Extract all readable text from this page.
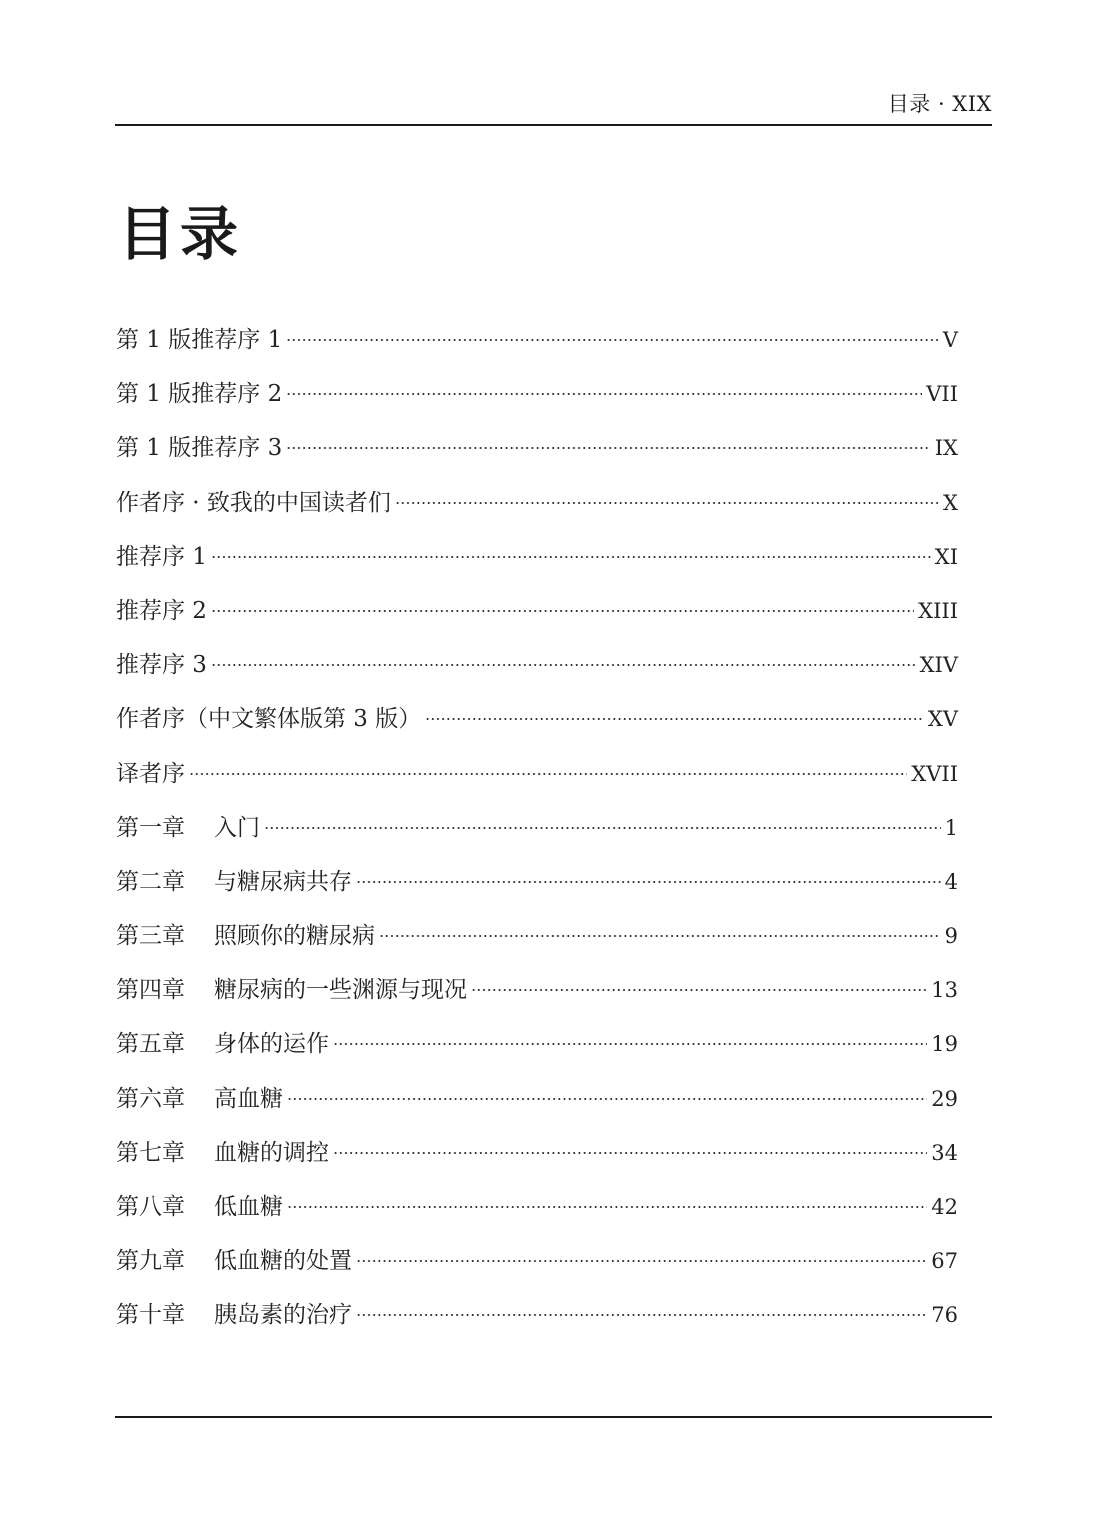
目录 · XIX
目录
第 1 版推荐序 1	V
第 1 版推荐序 2	VII
第 1 版推荐序 3	IX
作者序 · 致我的中国读者们	X
推荐序 1	XI
推荐序 2	XIII
推荐序 3	XIV
作者序（中文繁体版第 3 版）	XV
译者序	XVII
第一章 入门	1
第二章 与糖尿病共存	4
第三章 照顾你的糖尿病	9
第四章 糖尿病的一些渊源与现况	13
第五章 身体的运作	19
第六章 高血糖	29
第七章 血糖的调控	34
第八章 低血糖	42
第九章 低血糖的处置	67
第十章 胰岛素的治疗	76
